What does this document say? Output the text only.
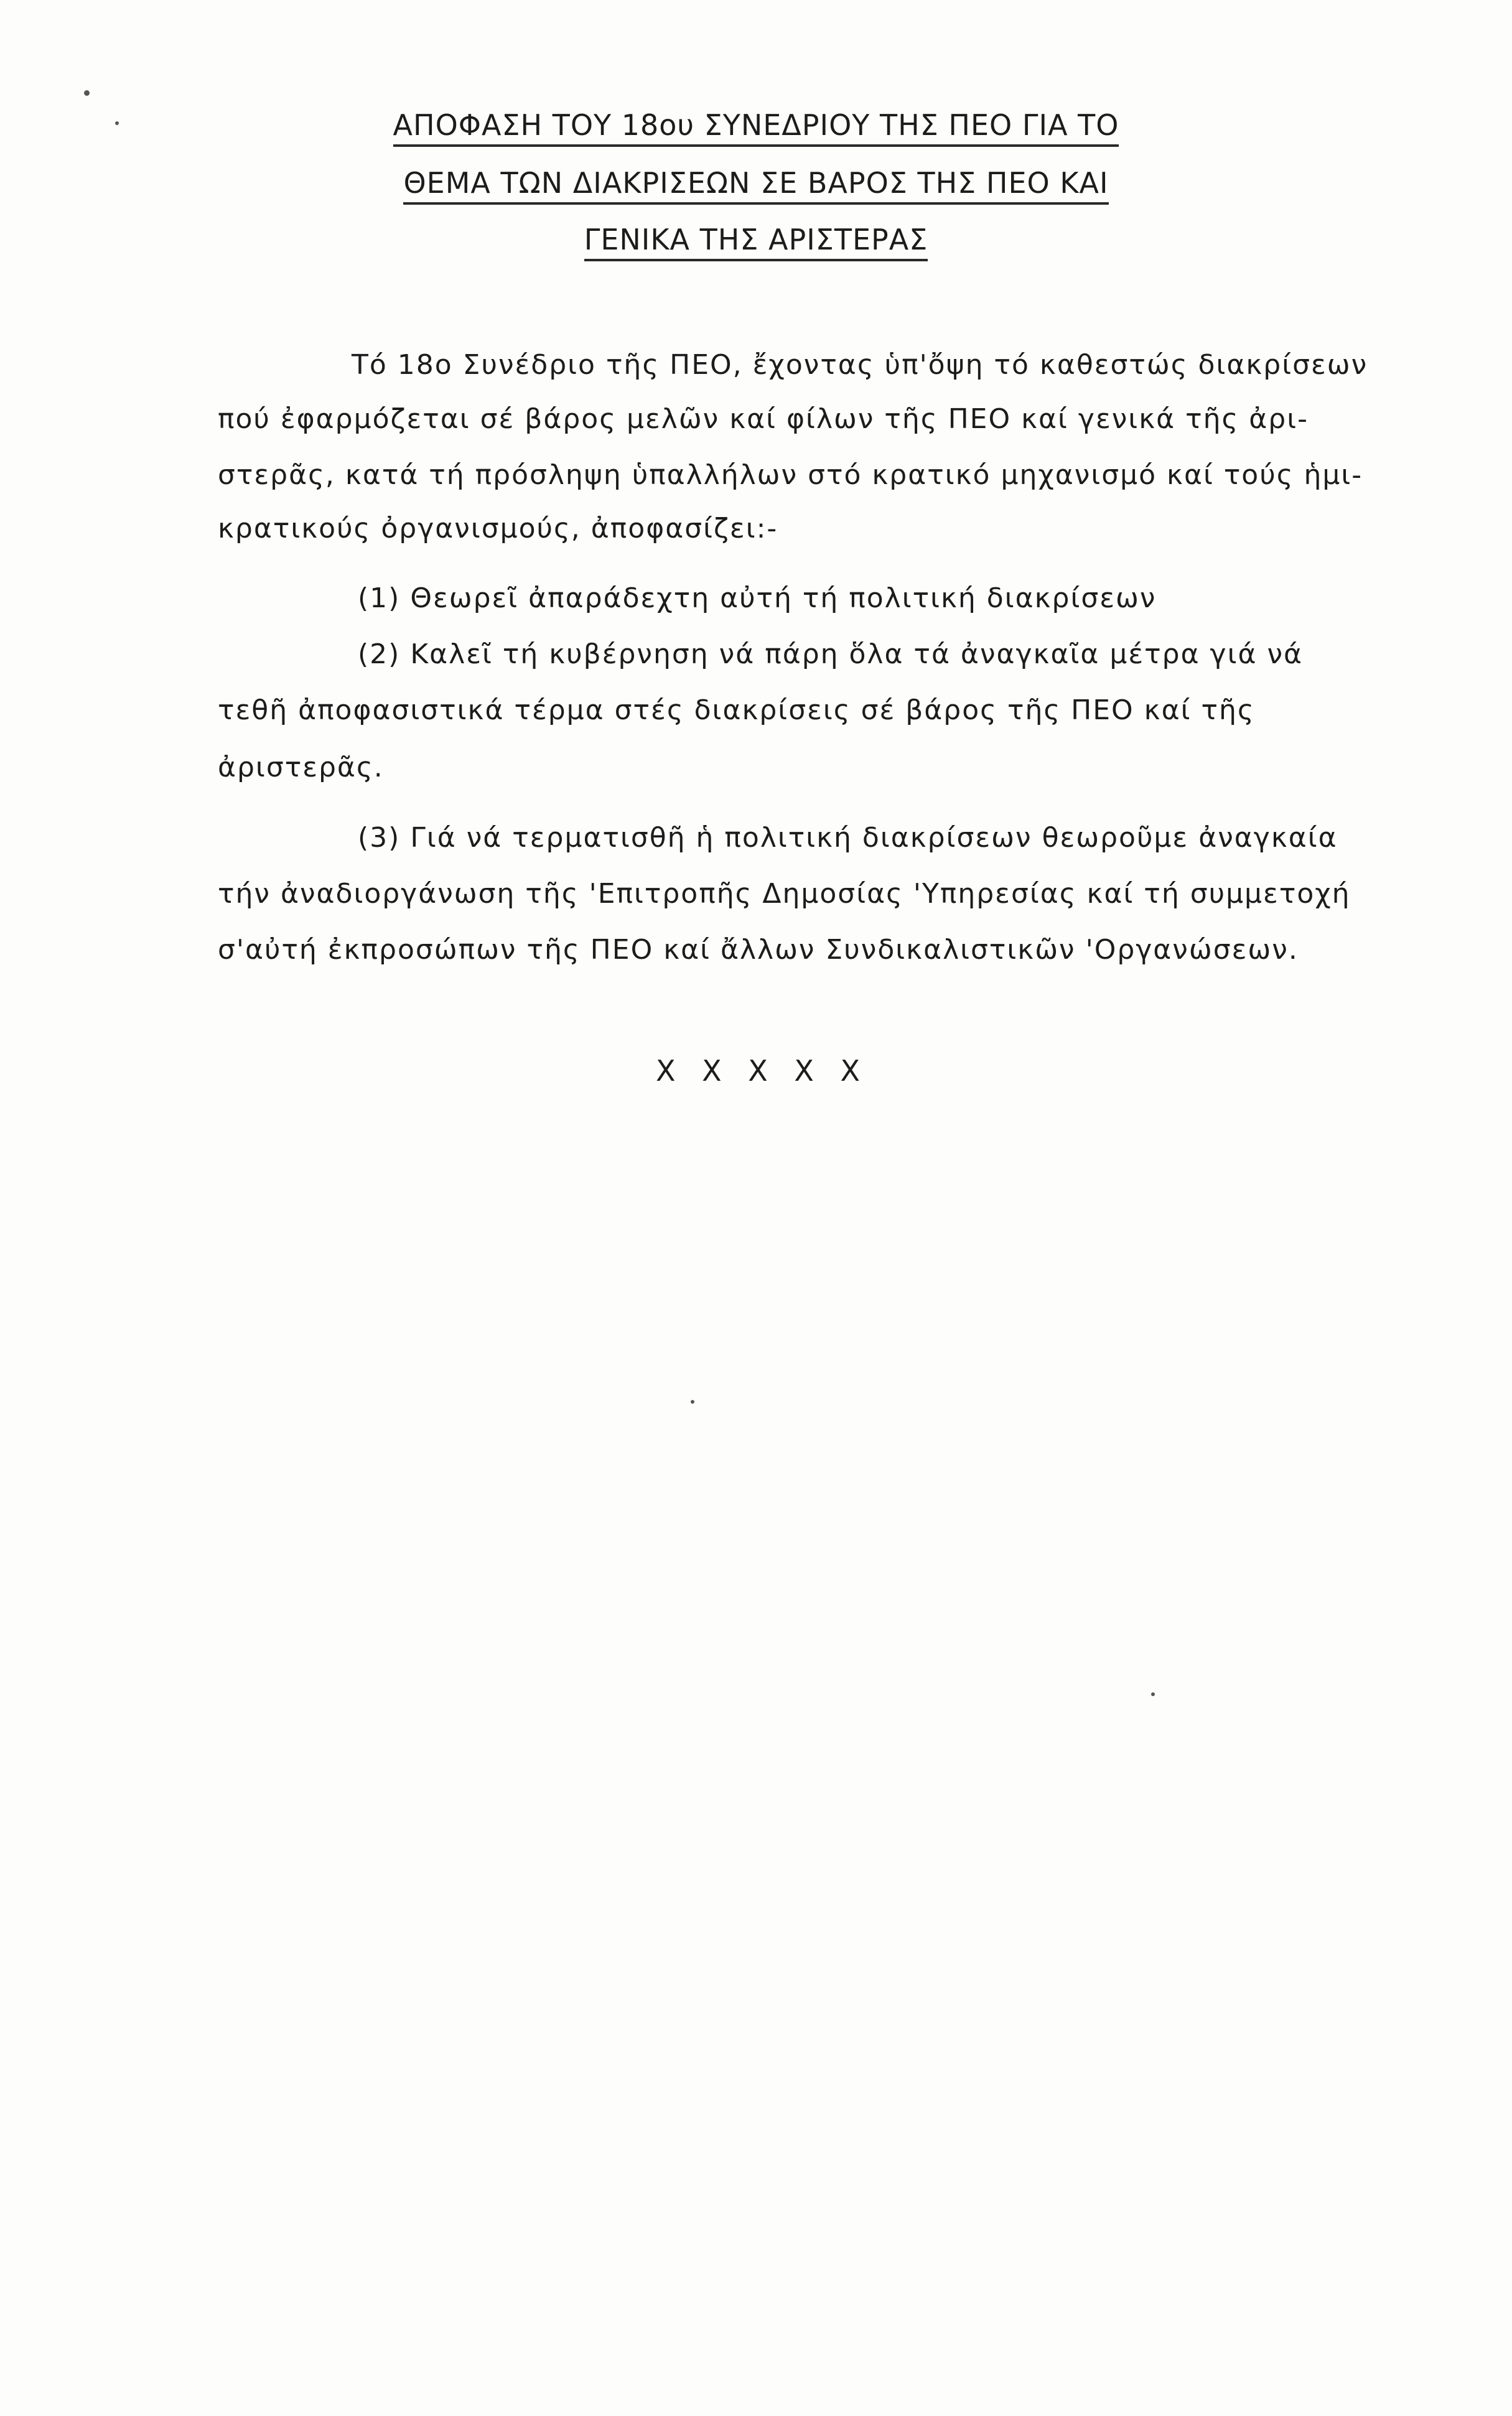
ΑΠΟΦΑΣΗ ΤΟΥ 18ου ΣΥΝΕΔΡΙΟΥ ΤΗΣ ΠΕΟ ΓΙΑ ΤΟ
ΘΕΜΑ ΤΩΝ ΔΙΑΚΡΙΣΕΩΝ ΣΕ ΒΑΡΟΣ ΤΗΣ ΠΕΟ ΚΑΙ
ΓΕΝΙΚΑ ΤΗΣ ΑΡΙΣΤΕΡΑΣ
Τό 18ο Συνέδριο τῆς ΠΕΟ, ἔχοντας ὑπ'ὄψη τό καθεστώς διακρίσεων
πού ἐφαρμόζεται σέ βάρος μελῶν καί φίλων τῆς ΠΕΟ καί γενικά τῆς ἀρι-
στερᾶς, κατά τή πρόσληψη ὑπαλλήλων στό κρατικό μηχανισμό καί τούς ἡμι-
κρατικούς ὀργανισμούς, ἀποφασίζει:-
(1) Θεωρεῖ ἀπαράδεχτη αὐτή τή πολιτική διακρίσεων
(2) Καλεῖ τή κυβέρνηση νά πάρη ὅλα τά ἀναγκαῖα μέτρα γιά νά
τεθῆ ἀποφασιστικά τέρμα στές διακρίσεις σέ βάρος τῆς ΠΕΟ καί τῆς
ἀριστερᾶς.
(3) Γιά νά τερματισθῆ ἡ πολιτική διακρίσεων θεωροῦμε ἀναγκαία
τήν ἀναδιοργάνωση τῆς 'Επιτροπῆς Δημοσίας 'Υπηρεσίας καί τή συμμετοχή
σ'αὐτή ἐκπροσώπων τῆς ΠΕΟ καί ἄλλων Συνδικαλιστικῶν 'Οργανώσεων.
X X X X X
